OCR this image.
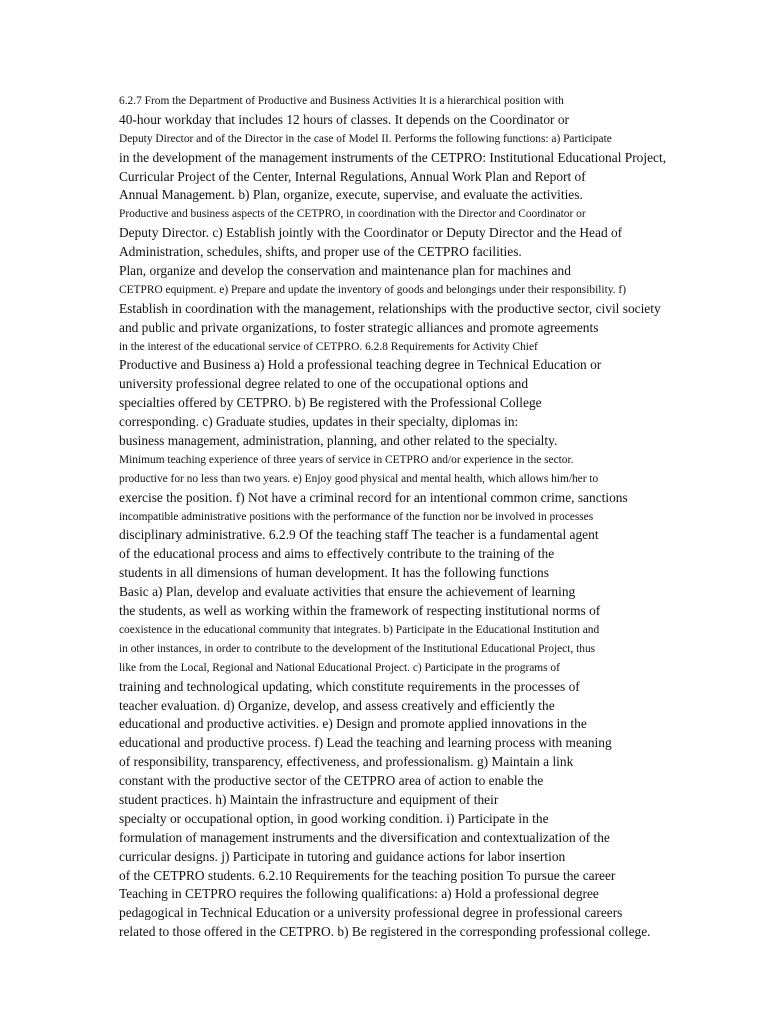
6.2.7 From the Department of Productive and Business Activities It is a hierarchical position with
40-hour workday that includes 12 hours of classes. It depends on the Coordinator or
Deputy Director and of the Director in the case of Model II. Performs the following functions: a) Participate
in the development of the management instruments of the CETPRO: Institutional Educational Project,
Curricular Project of the Center, Internal Regulations, Annual Work Plan and Report of
Annual Management. b) Plan, organize, execute, supervise, and evaluate the activities.
Productive and business aspects of the CETPRO, in coordination with the Director and Coordinator or
Deputy Director. c) Establish jointly with the Coordinator or Deputy Director and the Head of
Administration, schedules, shifts, and proper use of the CETPRO facilities.
Plan, organize and develop the conservation and maintenance plan for machines and
CETPRO equipment. e) Prepare and update the inventory of goods and belongings under their responsibility. f)
Establish in coordination with the management, relationships with the productive sector, civil society
and public and private organizations, to foster strategic alliances and promote agreements
in the interest of the educational service of CETPRO. 6.2.8 Requirements for Activity Chief
Productive and Business a) Hold a professional teaching degree in Technical Education or
university professional degree related to one of the occupational options and
specialties offered by CETPRO. b) Be registered with the Professional College
corresponding. c) Graduate studies, updates in their specialty, diplomas in:
business management, administration, planning, and other related to the specialty.
Minimum teaching experience of three years of service in CETPRO and/or experience in the sector.
productive for no less than two years. e) Enjoy good physical and mental health, which allows him/her to
exercise the position. f) Not have a criminal record for an intentional common crime, sanctions
incompatible administrative positions with the performance of the function nor be involved in processes
disciplinary administrative. 6.2.9 Of the teaching staff The teacher is a fundamental agent
of the educational process and aims to effectively contribute to the training of the
students in all dimensions of human development. It has the following functions
Basic a) Plan, develop and evaluate activities that ensure the achievement of learning
the students, as well as working within the framework of respecting institutional norms of
coexistence in the educational community that integrates. b) Participate in the Educational Institution and
in other instances, in order to contribute to the development of the Institutional Educational Project, thus
like from the Local, Regional and National Educational Project. c) Participate in the programs of
training and technological updating, which constitute requirements in the processes of
teacher evaluation. d) Organize, develop, and assess creatively and efficiently the
educational and productive activities. e) Design and promote applied innovations in the
educational and productive process. f) Lead the teaching and learning process with meaning
of responsibility, transparency, effectiveness, and professionalism. g) Maintain a link
constant with the productive sector of the CETPRO area of action to enable the
student practices. h) Maintain the infrastructure and equipment of their
specialty or occupational option, in good working condition. i) Participate in the
formulation of management instruments and the diversification and contextualization of the
curricular designs. j) Participate in tutoring and guidance actions for labor insertion
of the CETPRO students. 6.2.10 Requirements for the teaching position To pursue the career
Teaching in CETPRO requires the following qualifications: a) Hold a professional degree
pedagogical in Technical Education or a university professional degree in professional careers
related to those offered in the CETPRO. b) Be registered in the corresponding professional college.
